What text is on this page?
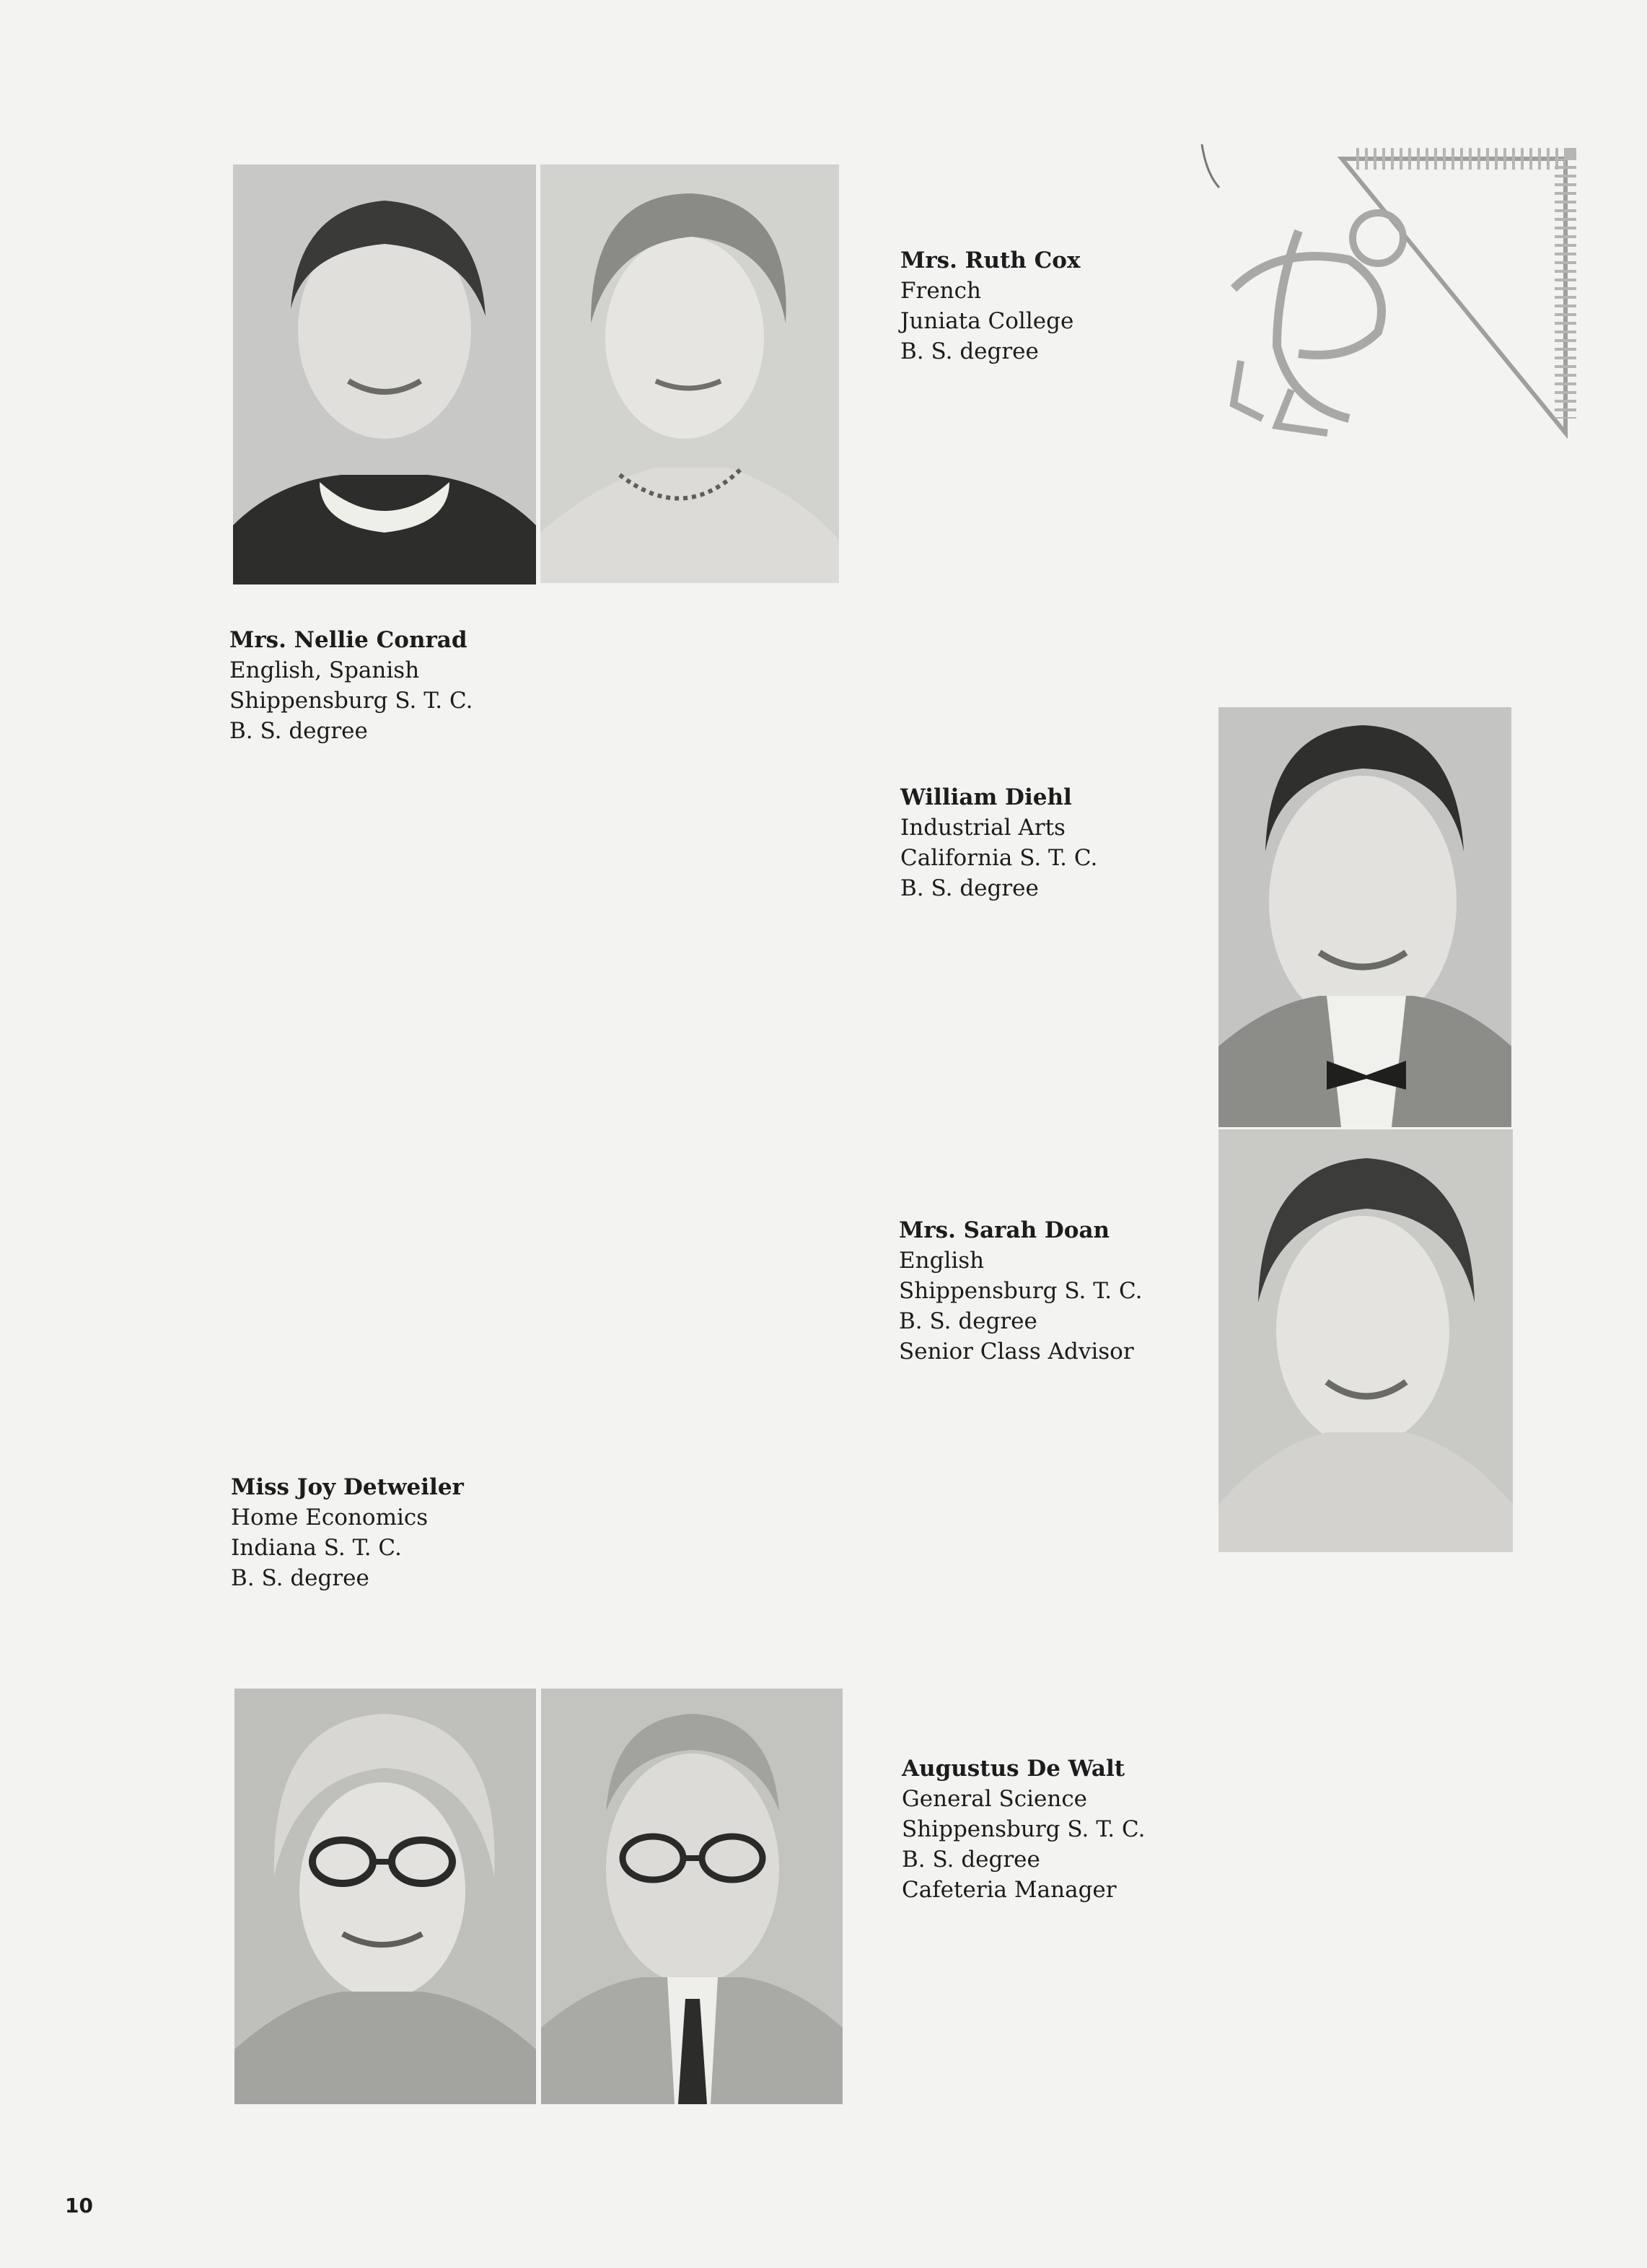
Mrs. Ruth Cox
French
Juniata College
B. S. degree
Mrs. Nellie Conrad
English, Spanish
Shippensburg S. T. C.
B. S. degree
William Diehl
Industrial Arts
California S. T. C.
B. S. degree
Mrs. Sarah Doan
English
Shippensburg S. T. C.
B. S. degree
Senior Class Advisor
Miss Joy Detweiler
Home Economics
Indiana S. T. C.
B. S. degree
Augustus De Walt
General Science
Shippensburg S. T. C.
B. S. degree
Cafeteria Manager
10
